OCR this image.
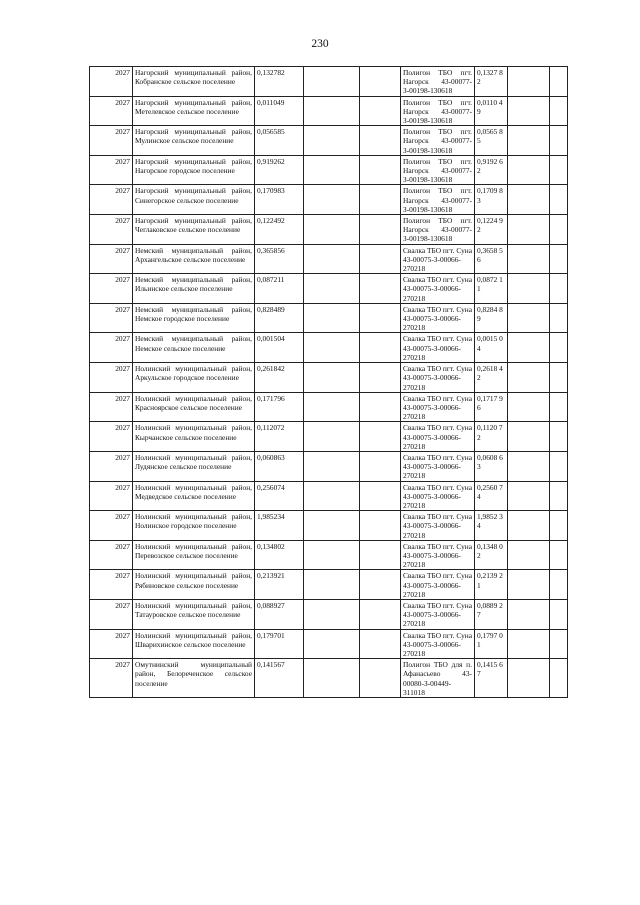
230
2027	Нагорский муниципальный район, Кобранское сельское поселение	0,132782			Полигон ТБО пгт. Нагорск 43-00077-З-00198-130618	0,1327 82		
2027	Нагорский муниципальный район, Метелевское сельское поселение	0,011049			Полигон ТБО пгт. Нагорск 43-00077-З-00198-130618	0,0110 49		
2027	Нагорский муниципальный район, Мулинское сельское поселение	0,056585			Полигон ТБО пгт. Нагорск 43-00077-З-00198-130618	0,0565 85		
2027	Нагорский муниципальный район, Нагорское городское поселение	0,919262			Полигон ТБО пгт. Нагорск 43-00077-З-00198-130618	0,9192 62		
2027	Нагорский муниципальный район, Синегорское сельское поселение	0,170983			Полигон ТБО пгт. Нагорск 43-00077-З-00198-130618	0,1709 83		
2027	Нагорский муниципальный район, Чеглаковское сельское поселение	0,122492			Полигон ТБО пгт. Нагорск 43-00077-З-00198-130618	0,1224 92		
2027	Немский муниципальный район, Архангельское сельское поселение	0,365856			Свалка ТБО пгт. Суна 43-00075-З-00066-270218	0,3658 56		
2027	Немский муниципальный район, Ильинское сельское поселение	0,087211			Свалка ТБО пгт. Суна 43-00075-З-00066-270218	0,0872 11		
2027	Немский муниципальный район, Немское городское поселение	0,828489			Свалка ТБО пгт. Суна 43-00075-З-00066-270218	0,8284 89		
2027	Немский муниципальный район, Немское сельское поселение	0,001504			Свалка ТБО пгт. Суна 43-00075-З-00066-270218	0,0015 04		
2027	Нолинский муниципальный район, Аркульское городское поселение	0,261842			Свалка ТБО пгт. Суна 43-00075-З-00066-270218	0,2618 42		
2027	Нолинский муниципальный район, Красноярское сельское поселение	0,171796			Свалка ТБО пгт. Суна 43-00075-З-00066-270218	0,1717 96		
2027	Нолинский муниципальный район, Кырчанское сельское поселение	0,112072			Свалка ТБО пгт. Суна 43-00075-З-00066-270218	0,1120 72		
2027	Нолинский муниципальный район, Лудянское сельское поселение	0,060863			Свалка ТБО пгт. Суна 43-00075-З-00066-270218	0,0608 63		
2027	Нолинский муниципальный район, Медведское сельское поселение	0,256074			Свалка ТБО пгт. Суна 43-00075-З-00066-270218	0,2560 74		
2027	Нолинский муниципальный район, Нолинское городское поселение	1,985234			Свалка ТБО пгт. Суна 43-00075-З-00066-270218	1,9852 34		
2027	Нолинский муниципальный район, Перевозское сельское поселение	0,134802			Свалка ТБО пгт. Суна 43-00075-З-00066-270218	0,1348 02		
2027	Нолинский муниципальный район, Рябиновское сельское поселение	0,213921			Свалка ТБО пгт. Суна 43-00075-З-00066-270218	0,2139 21		
2027	Нолинский муниципальный район, Татауровское сельское поселение	0,088927			Свалка ТБО пгт. Суна 43-00075-З-00066-270218	0,0889 27		
2027	Нолинский муниципальный район, Шварихинское сельское поселение	0,179701			Свалка ТБО пгт. Суна 43-00075-З-00066-270218	0,1797 01		
2027	Омутнинский муниципальный район, Белореченское сельское поселение	0,141567			Полигон ТБО для п. Афанасьево 43-00080-З-00449-311018	0,1415 67		
